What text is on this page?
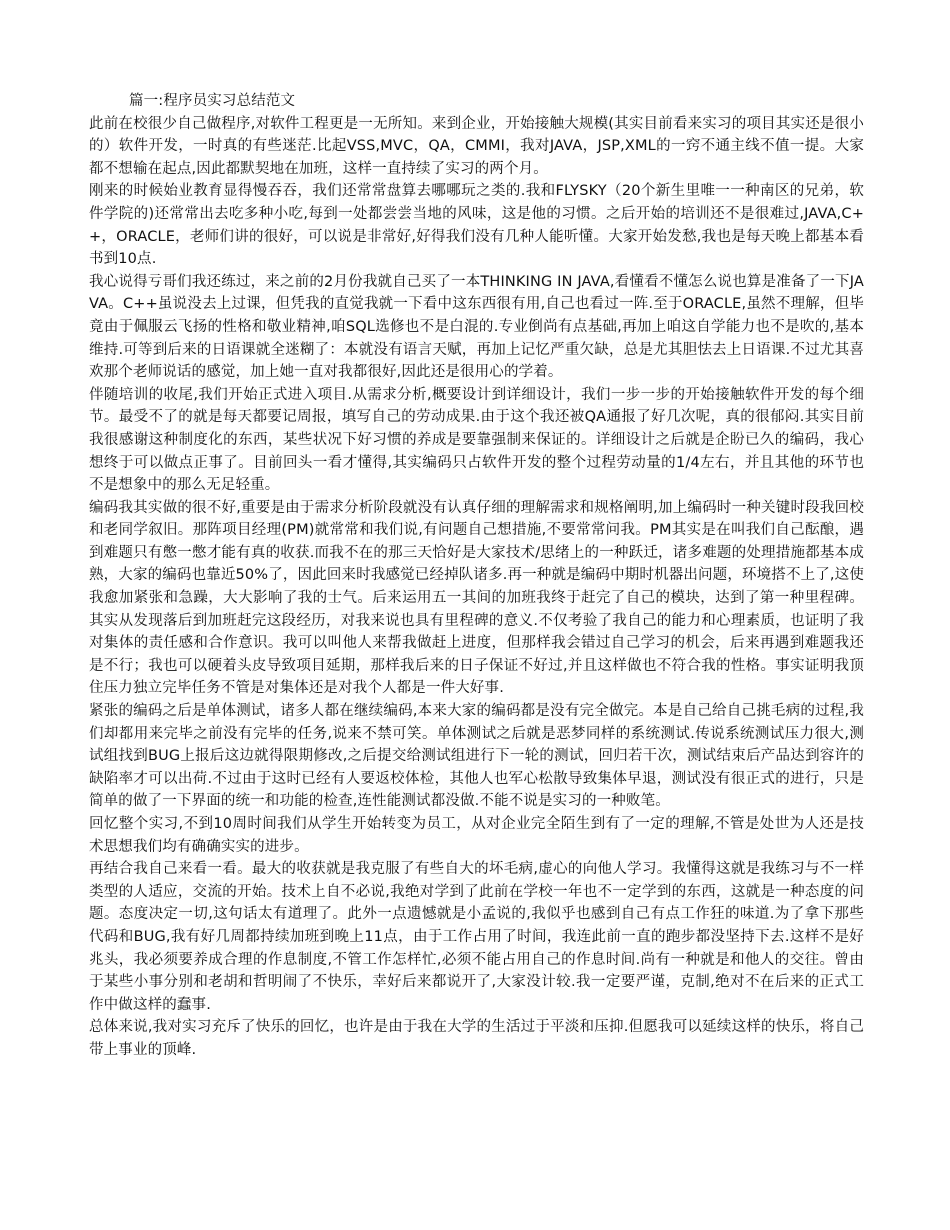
篇一:程序员实习总结范文

此前在校很少自己做程序,对软件工程更是一无所知。来到企业，开始接触大规模(其实目前看来实习的项目其实还是很小的）软件开发，一时真的有些迷茫.比起VSS,MVC，QA，CMMI，我对JAVA，JSP,XML的一窍不通主线不值一提。大家都不想输在起点,因此都默契地在加班，这样一直持续了实习的两个月。

刚来的时候始业教育显得慢吞吞，我们还常常盘算去哪哪玩之类的.我和FLYSKY（20个新生里唯一一种南区的兄弟，软件学院的)还常常出去吃多种小吃,每到一处都尝尝当地的风味，这是他的习惯。之后开始的培训还不是很难过,JAVA,C++，ORACLE，老师们讲的很好，可以说是非常好,好得我们没有几种人能听懂。大家开始发愁,我也是每天晚上都基本看书到10点.

我心说得亏哥们我还练过，来之前的2月份我就自己买了一本THINKING IN JAVA,看懂看不懂怎么说也算是准备了一下JAVA。C++虽说没去上过课，但凭我的直觉我就一下看中这东西很有用,自己也看过一阵.至于ORACLE,虽然不理解，但毕竟由于佩服云飞扬的性格和敬业精神,咱SQL选修也不是白混的.专业倒尚有点基础,再加上咱这自学能力也不是吹的,基本维持.可等到后来的日语课就全迷糊了：本就没有语言天赋，再加上记忆严重欠缺，总是尤其胆怯去上日语课.不过尤其喜欢那个老师说话的感觉，加上她一直对我都很好,因此还是很用心的学着。

伴随培训的收尾,我们开始正式进入项目.从需求分析,概要设计到详细设计，我们一步一步的开始接触软件开发的每个细节。最受不了的就是每天都要记周报，填写自己的劳动成果.由于这个我还被QA通报了好几次呢，真的很郁闷.其实目前我很感谢这种制度化的东西，某些状况下好习惯的养成是要靠强制来保证的。详细设计之后就是企盼已久的编码，我心想终于可以做点正事了。目前回头一看才懂得,其实编码只占软件开发的整个过程劳动量的1/4左右，并且其他的环节也不是想象中的那么无足轻重。

编码我其实做的很不好,重要是由于需求分析阶段就没有认真仔细的理解需求和规格阐明,加上编码时一种关键时段我回校和老同学叙旧。那阵项目经理(PM)就常常和我们说,有问题自己想措施,不要常常问我。PM其实是在叫我们自己酝酿，遇到难题只有憋一憋才能有真的收获.而我不在的那三天恰好是大家技术/思绪上的一种跃迁，诸多难题的处理措施都基本成熟，大家的编码也靠近50%了，因此回来时我感觉已经掉队诸多.再一种就是编码中期时机器出问题，环境搭不上了,这使我愈加紧张和急躁，大大影响了我的士气。后来运用五一其间的加班我终于赶完了自己的模块，达到了第一种里程碑。其实从发现落后到加班赶完这段经历，对我来说也具有里程碑的意义.不仅考验了我自己的能力和心理素质，也证明了我对集体的责任感和合作意识。我可以叫他人来帮我做赶上进度，但那样我会错过自己学习的机会，后来再遇到难题我还是不行；我也可以硬着头皮导致项目延期，那样我后来的日子保证不好过,并且这样做也不符合我的性格。事实证明我顶住压力独立完毕任务不管是对集体还是对我个人都是一件大好事.

紧张的编码之后是单体测试，诸多人都在继续编码,本来大家的编码都是没有完全做完。本是自己给自己挑毛病的过程,我们却都用来完毕之前没有完毕的任务,说来不禁可笑。单体测试之后就是恶梦同样的系统测试.传说系统测试压力很大,测试组找到BUG上报后这边就得限期修改,之后提交给测试组进行下一轮的测试，回归若干次，测试结束后产品达到容许的缺陷率才可以出荷.不过由于这时已经有人要返校体检，其他人也军心松散导致集体早退，测试没有很正式的进行，只是简单的做了一下界面的统一和功能的检查,连性能测试都没做.不能不说是实习的一种败笔。

回忆整个实习,不到10周时间我们从学生开始转变为员工，从对企业完全陌生到有了一定的理解,不管是处世为人还是技术思想我们均有确确实实的进步。

再结合我自己来看一看。最大的收获就是我克服了有些自大的坏毛病,虚心的向他人学习。我懂得这就是我练习与不一样类型的人适应，交流的开始。技术上自不必说,我绝对学到了此前在学校一年也不一定学到的东西，这就是一种态度的问题。态度决定一切,这句话太有道理了。此外一点遗憾就是小孟说的,我似乎也感到自己有点工作狂的味道.为了拿下那些代码和BUG,我有好几周都持续加班到晚上11点，由于工作占用了时间，我连此前一直的跑步都没坚持下去.这样不是好兆头，我必须要养成合理的作息制度,不管工作怎样忙,必须不能占用自己的作息时间.尚有一种就是和他人的交往。曾由于某些小事分别和老胡和哲明闹了不快乐，幸好后来都说开了,大家没计较.我一定要严谨，克制,绝对不在后来的正式工作中做这样的蠢事.

总体来说,我对实习充斥了快乐的回忆，也许是由于我在大学的生活过于平淡和压抑.但愿我可以延续这样的快乐，将自己带上事业的顶峰.
